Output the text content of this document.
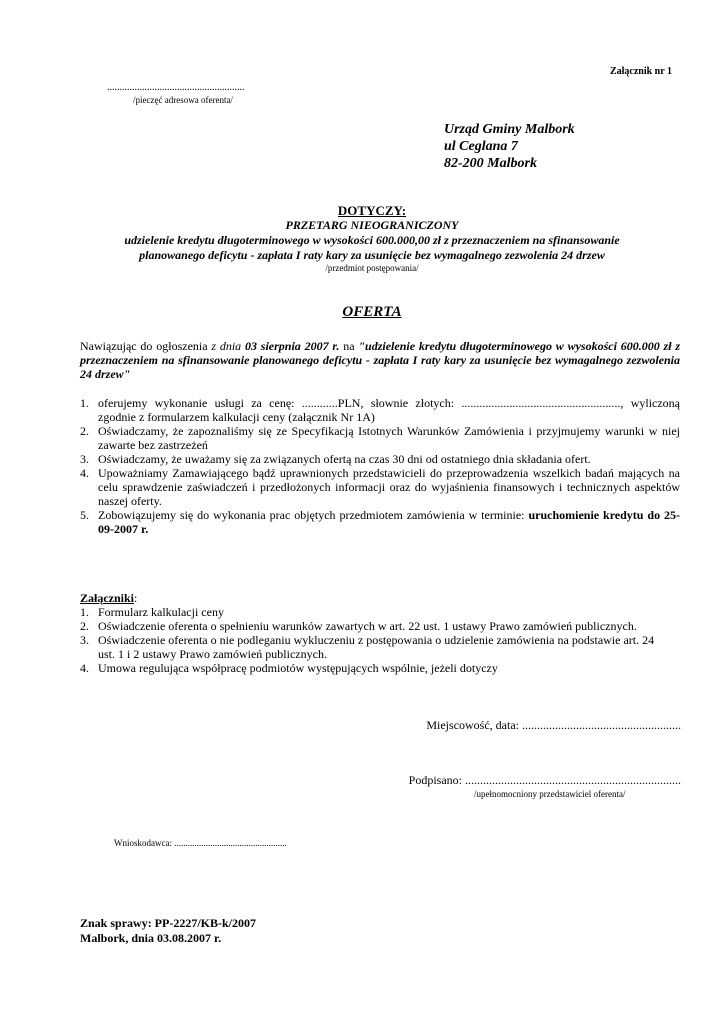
Załącznik nr 1
.......................................................
/pieczęć adresowa oferenta/
Urząd Gminy Malbork
ul Ceglana 7
82-200 Malbork
DOTYCZY:
PRZETARG NIEOGRANICZONY
udzielenie kredytu długoterminowego w wysokości 600.000,00 zł z przeznaczeniem na sfinansowanie
planowanego deficytu - zapłata I raty kary za usunięcie bez wymagalnego zezwolenia 24 drzew
/przedmiot postępowania/
OFERTA
Nawiązując do ogłoszenia z dnia 03 sierpnia 2007 r. na "udzielenie kredytu długoterminowego w wysokości 600.000 zł z przeznaczeniem na sfinansowanie planowanego deficytu - zapłata I raty kary za usunięcie bez wymagalnego zezwolenia 24 drzew"
1. oferujemy wykonanie usługi za cenę: ............PLN, słownie złotych: ....................................................., wyliczoną zgodnie z formularzem kalkulacji ceny (załącznik Nr 1A)
2. Oświadczamy, że zapoznaliśmy się ze Specyfikacją Istotnych Warunków Zamówienia i przyjmujemy warunki w niej zawarte bez zastrzeżeń
3. Oświadczamy, że uważamy się za związanych ofertą na czas 30 dni od ostatniego dnia składania ofert.
4. Upoważniamy Zamawiającego bądź uprawnionych przedstawicieli do przeprowadzenia wszelkich badań mających na celu sprawdzenie zaświadczeń i przedłożonych informacji oraz do wyjaśnienia finansowych i technicznych aspektów naszej oferty.
5. Zobowiązujemy się do wykonania prac objętych przedmiotem zamówienia w terminie: uruchomienie kredytu do 25-09-2007 r.
Załączniki:
1. Formularz kalkulacji ceny
2. Oświadczenie oferenta o spełnieniu warunków zawartych w art. 22 ust. 1 ustawy Prawo zamówień publicznych.
3. Oświadczenie oferenta o nie podleganiu wykluczeniu z postępowania o udzielenie zamówienia na podstawie art. 24 ust. 1 i 2 ustawy Prawo zamówień publicznych.
4. Umowa regulująca współpracę podmiotów występujących wspólnie, jeżeli dotyczy
Miejscowość, data: .....................................................
Podpisano: ........................................................................
/upełnomocniony przedstawiciel oferenta/
Wnioskodawca: ..................................................
Znak sprawy: PP-2227/KB-k/2007
Malbork, dnia 03.08.2007 r.
